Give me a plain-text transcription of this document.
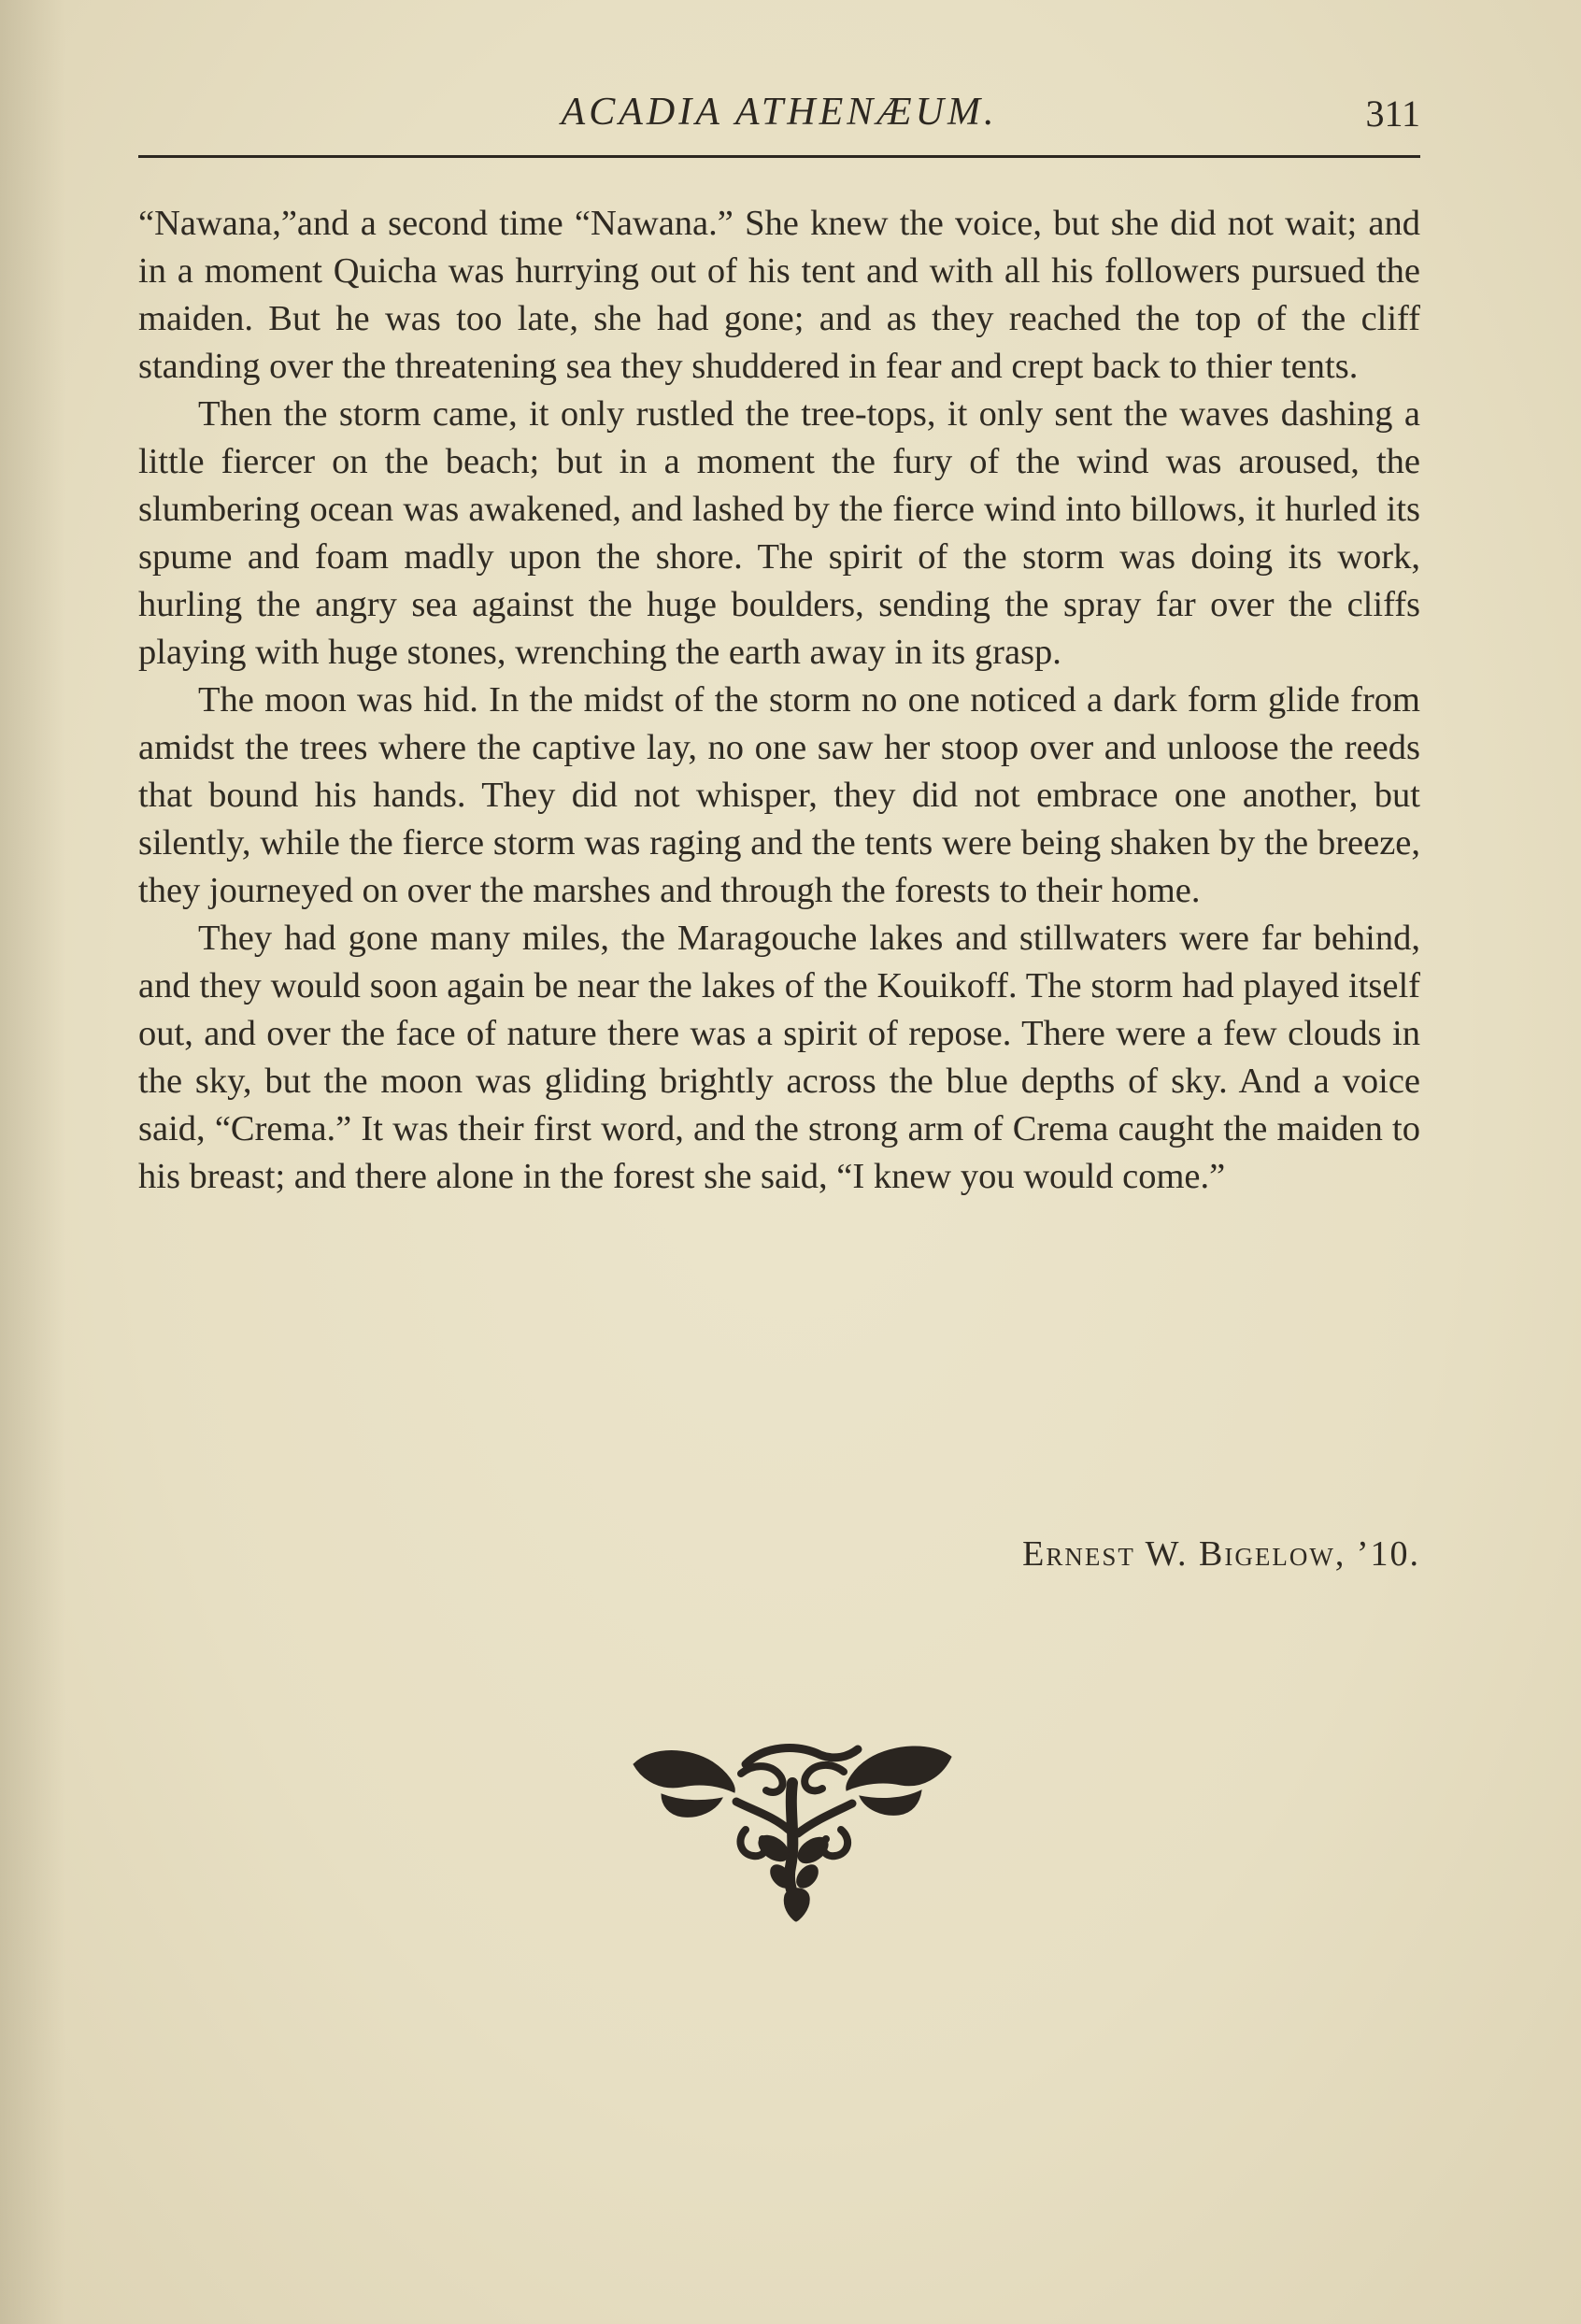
ACADIA ATHENÆUM.	311

“Nawana,”and a second time “Nawana.” She knew the voice, but she did not wait; and in a moment Quicha was hurrying out of his tent and with all his followers pursued the maiden. But he was too late, she had gone; and as they reached the top of the cliff standing over the threatening sea they shuddered in fear and crept back to thier tents.

Then the storm came, it only rustled the tree-tops, it only sent the waves dashing a little fiercer on the beach; but in a moment the fury of the wind was aroused, the slumbering ocean was awakened, and lashed by the fierce wind into billows, it hurled its spume and foam madly upon the shore. The spirit of the storm was doing its work, hurling the angry sea against the huge boulders, sending the spray far over the cliffs playing with huge stones, wrenching the earth away in its grasp.

The moon was hid. In the midst of the storm no one noticed a dark form glide from amidst the trees where the captive lay, no one saw her stoop over and unloose the reeds that bound his hands. They did not whisper, they did not embrace one another, but silently, while the fierce storm was raging and the tents were being shaken by the breeze, they journeyed on over the marshes and through the forests to their home.

They had gone many miles, the Maragouche lakes and stillwaters were far behind, and they would soon again be near the lakes of the Kouikoff. The storm had played itself out, and over the face of nature there was a spirit of repose. There were a few clouds in the sky, but the moon was gliding brightly across the blue depths of sky. And a voice said, “Crema.” It was their first word, and the strong arm of Crema caught the maiden to his breast; and there alone in the forest she said, “I knew you would come.”

Ernest W. Bigelow, ’10.
